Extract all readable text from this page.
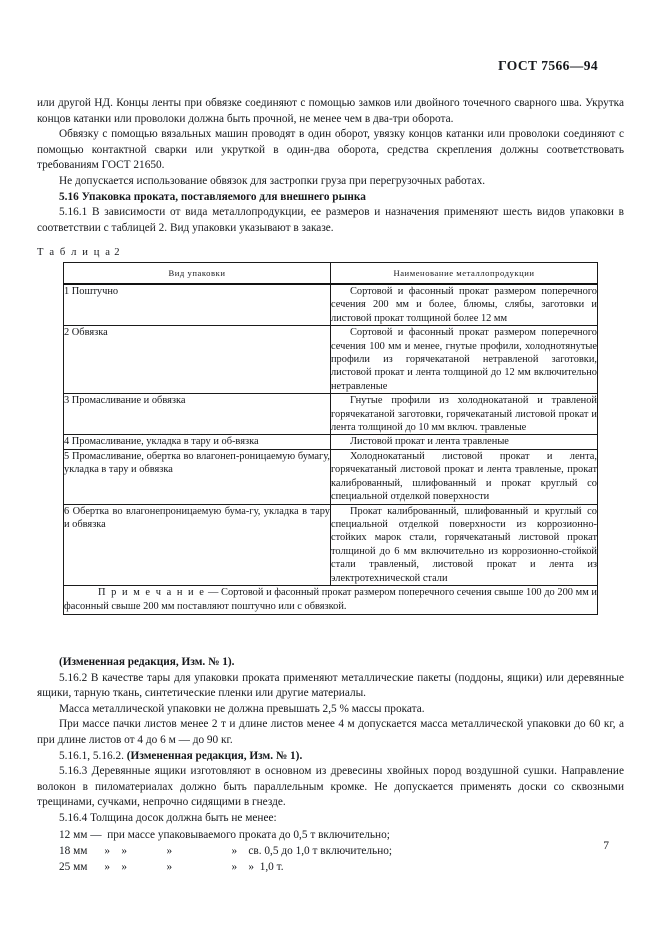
ГОСТ 7566—94

или другой НД. Концы ленты при обвязке соединяют с помощью замков или двойного точечного сварного шва. Укрутка концов катанки или проволоки должна быть прочной, не менее чем в два-три оборота.

Обвязку с помощью вязальных машин проводят в один оборот, увязку концов катанки или проволоки соединяют с помощью контактной сварки или укруткой в один-два оборота, средства скрепления должны соответствовать требованиям ГОСТ 21650.

Не допускается использование обвязок для застропки груза при перегрузочных работах.

5.16 Упаковка проката, поставляемого для внешнего рынка

5.16.1 В зависимости от вида металлопродукции, ее размеров и назначения применяют шесть видов упаковки в соответствии с таблицей 2. Вид упаковки указывают в заказе.

Т а б л и ц а 2
Вид упаковки	Наименование металлопродукции
1 Поштучно	Сортовой и фасонный прокат размером поперечного сечения 200 мм и более, блюмы, слябы, заготовки и листовой прокат толщиной более 12 мм
2 Обвязка	Сортовой и фасонный прокат размером поперечного сечения 100 мм и менее, гнутые профили, холоднотянутые профили из горячекатаной нетравленой заготовки, листовой прокат и лента толщиной до 12 мм включительно нетравленые
3 Промасливание и обвязка	Гнутые профили из холоднокатаной и травленой горячекатаной заготовки, горячекатаный листовой прокат и лента толщиной до 10 мм включ. травленые
4 Промасливание, укладка в тару и об-вязка	Листовой прокат и лента травленые
5 Промасливание, обертка во влагонеп-роницаемую бумагу, укладка в тару и обвязка	Холоднокатаный листовой прокат и лента, горячекатаный листовой прокат и лента травленые, прокат калиброванный, шлифованный и прокат круглый со специальной отделкой поверхности
6 Обертка во влагонепроницаемую бума-гу, укладка в тару и обвязка	Прокат калиброванный, шлифованный и круглый со специальной отделкой поверхности из коррозионно-стойких марок стали, горячекатаный листовой прокат толщиной до 6 мм включительно из коррозионно-стойкой стали травленый, листовой прокат и лента из электротехнической стали
П р и м е ч а н и е — Сортовой и фасонный прокат размером поперечного сечения свыше 100 до 200 мм и фасонный свыше 200 мм поставляют поштучно или с обвязкой.	

(Измененная редакция, Изм. № 1).

5.16.2 В качестве тары для упаковки проката применяют металлические пакеты (поддоны, ящики) или деревянные ящики, тарную ткань, синтетические пленки или другие материалы.

Масса металлической упаковки не должна превышать 2,5 % массы проката.

При массе пачки листов менее 2 т и длине листов менее 4 м допускается масса металлической упаковки до 60 кг, а при длине листов от 4 до 6 м — до 90 кг.

5.16.1, 5.16.2. (Измененная редакция, Изм. № 1).

5.16.3 Деревянные ящики изготовляют в основном из древесины хвойных пород воздушной сушки. Направление волокон в пиломатериалах должно быть параллельным кромке. Не допускается применять доски со сквозными трещинами, сучками, непрочно сидящими в гнезде.

5.16.4 Толщина досок должна быть не менее:

12 мм —  при массе упаковываемого проката до 0,5 т включительно;
18 мм      »    »              »                     »    св. 0,5 до 1,0 т включительно;
25 мм      »    »              »                     »    »  1,0 т.
7
